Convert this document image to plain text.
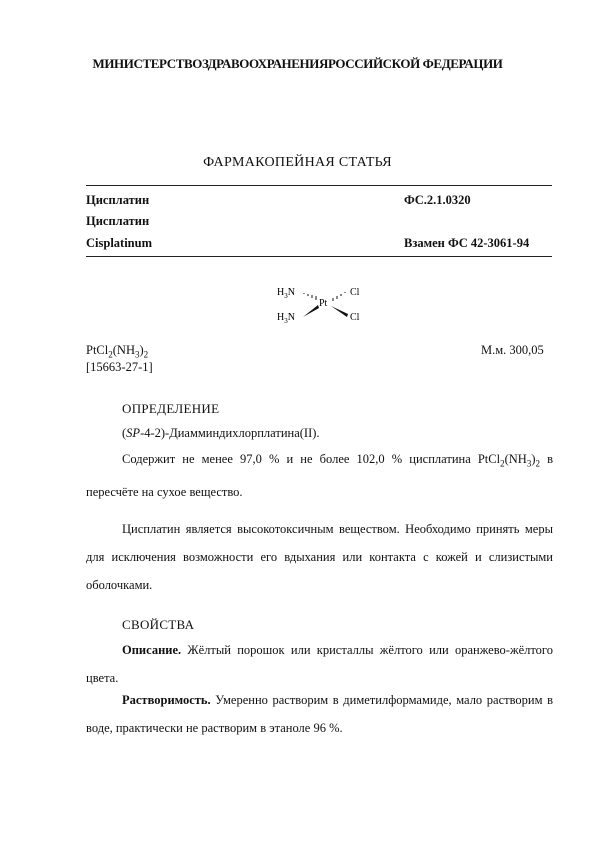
МИНИСТЕРСТВОЗДРАВООХРАНЕНИЯРОССИЙСКОЙ ФЕДЕРАЦИИ
ФАРМАКОПЕЙНАЯ СТАТЬЯ
Цисплатин	ФС.2.1.0320
Цисплатин
Cisplatinum	Взамен ФС 42-3061-94
$H_3N$
$H_3N$
Pt
Cl
Cl
$PtCl_2(NH_3)_2$	М.м. 300,05
[15663-27-1]
ОПРЕДЕЛЕНИЕ
(SP-4-2)-Диамминдихлорплатина(II).
Содержит не менее 97,0 % и не более 102,0 % цисплатина $PtCl_2(NH_3)_2$ в пересчёте на сухое вещество.
Цисплатин является высокотоксичным веществом. Необходимо принять меры для исключения возможности его вдыхания или контакта с кожей и слизистыми оболочками.
СВОЙСТВА
Описание. Жёлтый порошок или кристаллы жёлтого или оранжево-жёлтого цвета.
Растворимость. Умеренно растворим в диметилформамиде, мало растворим в воде, практически не растворим в этаноле 96 %.
